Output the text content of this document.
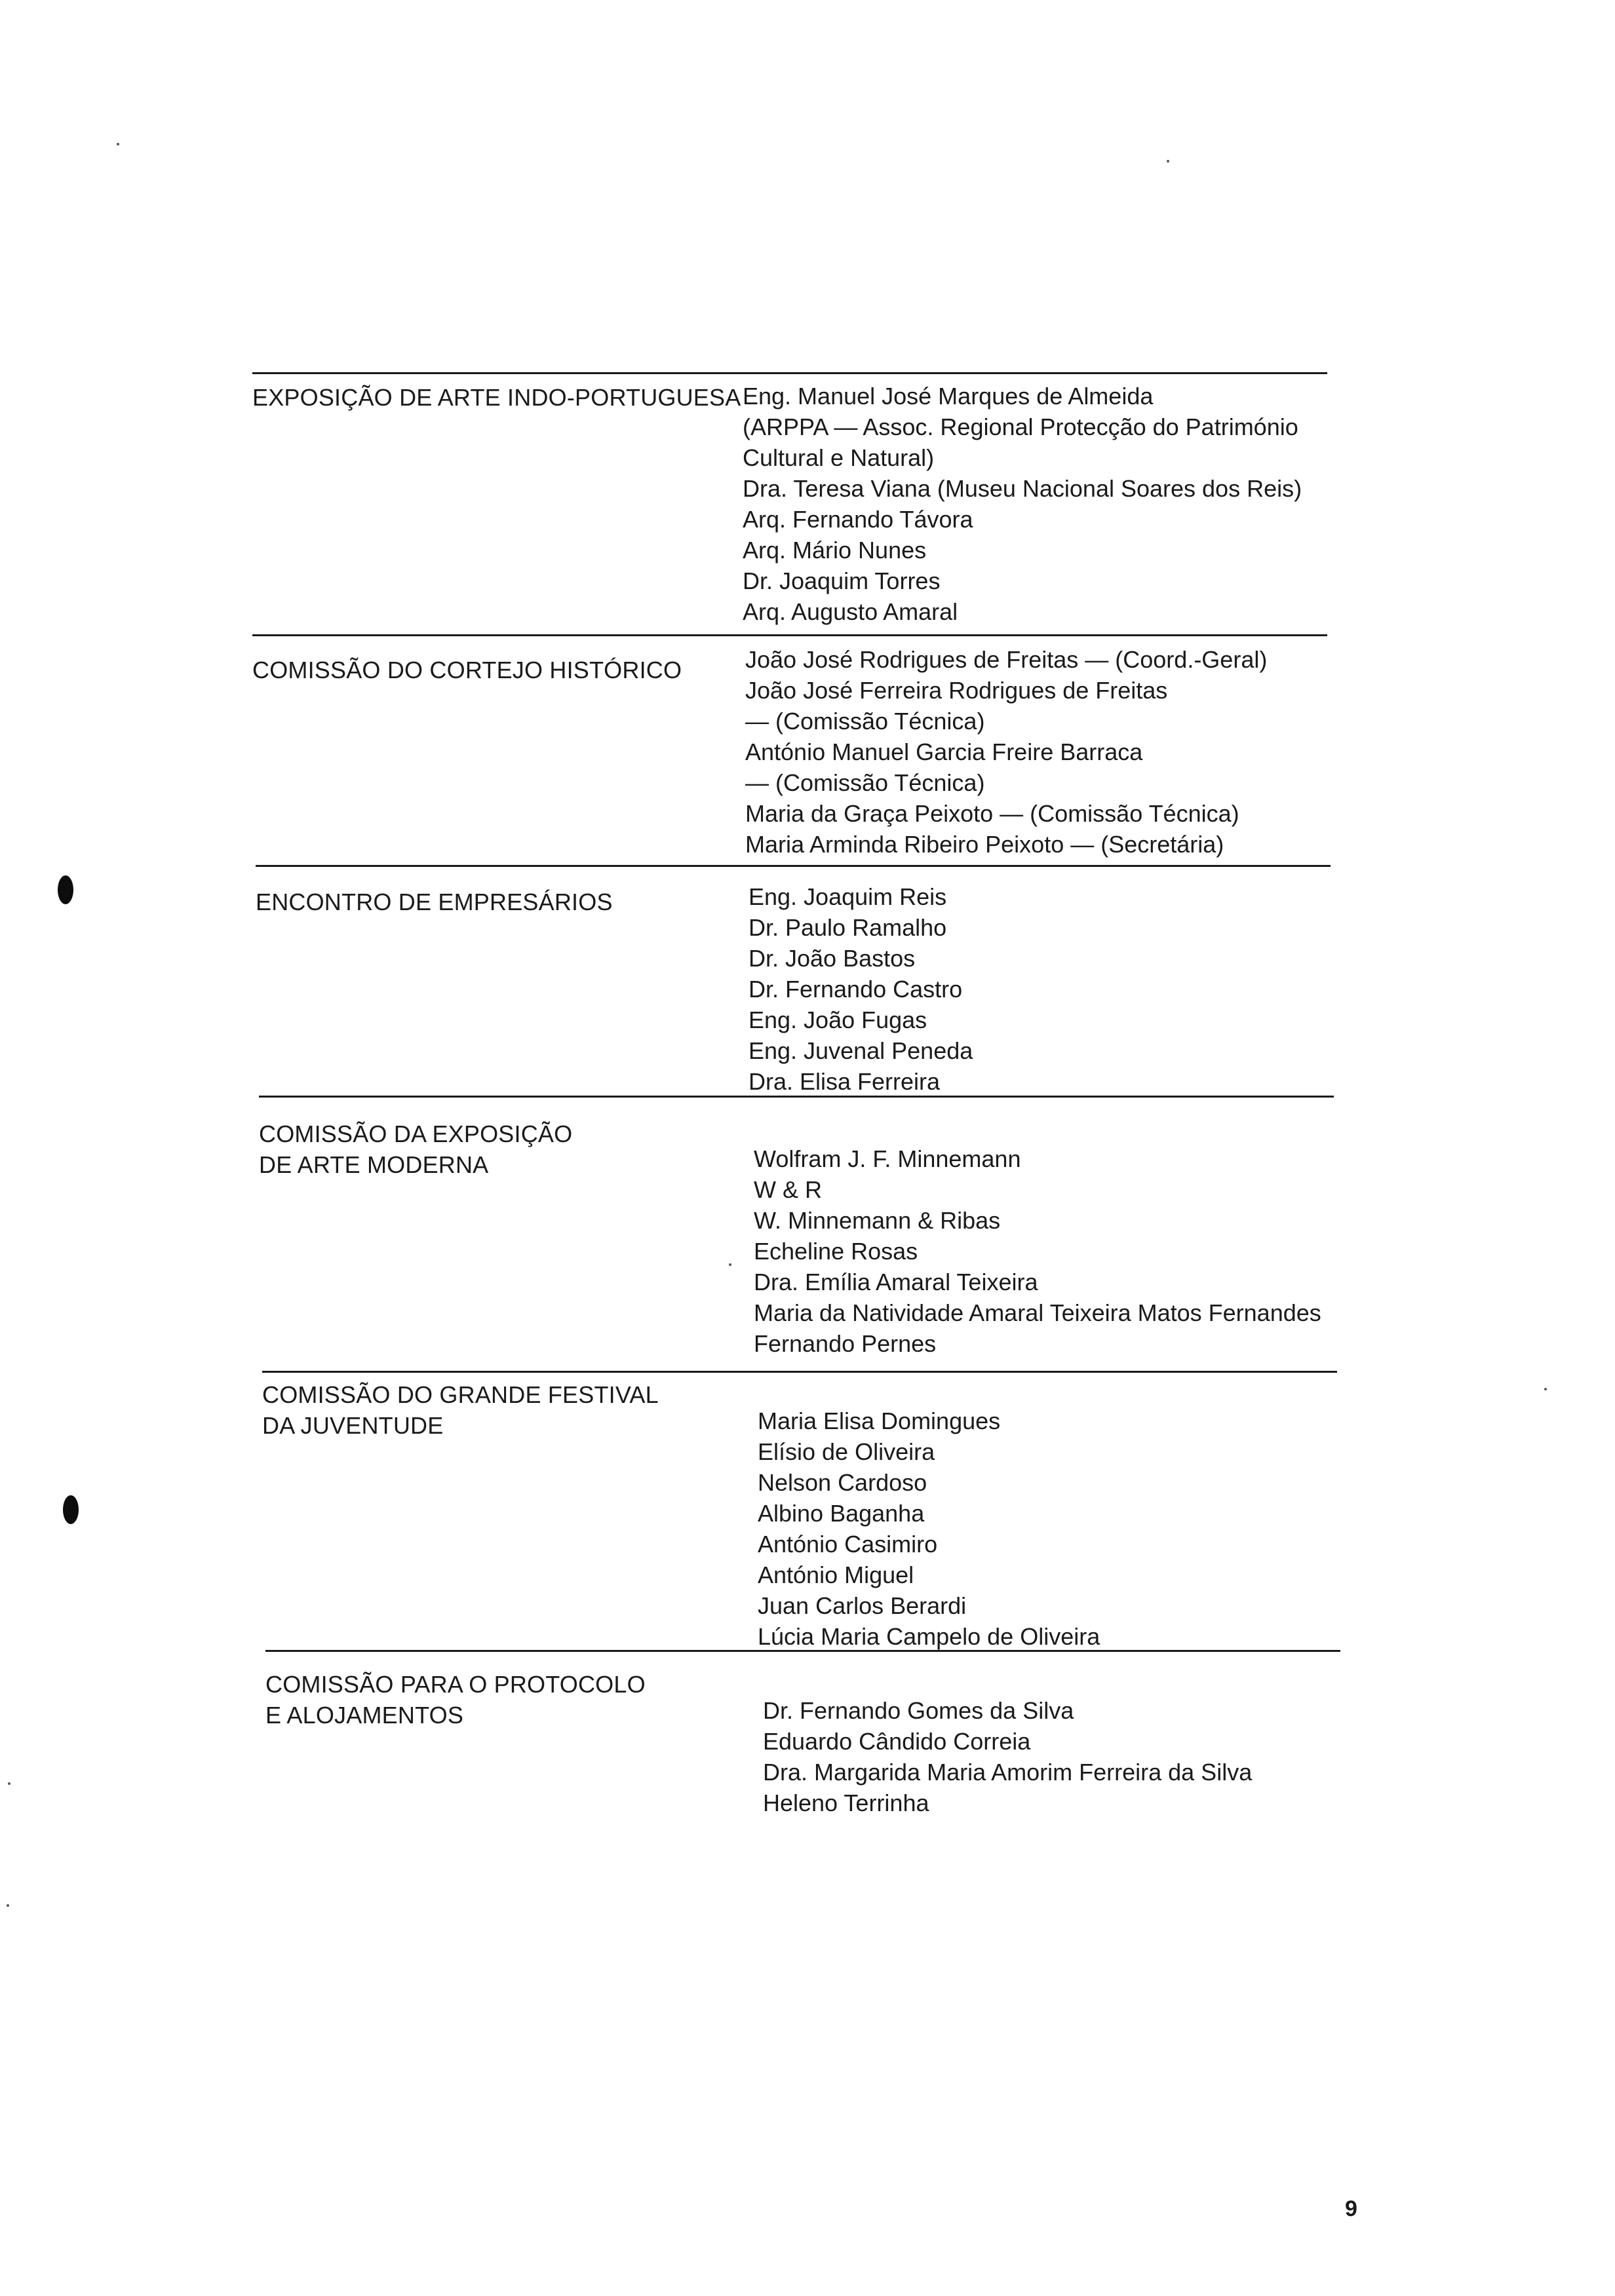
EXPOSIÇÃO DE ARTE INDO-PORTUGUESA Eng. Manuel José Marques de Almeida
(ARPPA — Assoc. Regional Protecção do Património
Cultural e Natural)
Dra. Teresa Viana (Museu Nacional Soares dos Reis)
Arq. Fernando Távora
Arq. Mário Nunes
Dr. Joaquim Torres
Arq. Augusto Amaral
COMISSÃO DO CORTEJO HISTÓRICO	João José Rodrigues de Freitas — (Coord.-Geral)
João José Ferreira Rodrigues de Freitas
— (Comissão Técnica)
António Manuel Garcia Freire Barraca
— (Comissão Técnica)
Maria da Graça Peixoto — (Comissão Técnica)
Maria Arminda Ribeiro Peixoto — (Secretária)
ENCONTRO DE EMPRESÁRIOS	Eng. Joaquim Reis
Dr. Paulo Ramalho
Dr. João Bastos
Dr. Fernando Castro
Eng. João Fugas
Eng. Juvenal Peneda
Dra. Elisa Ferreira
COMISSÃO DA EXPOSIÇÃO
DE ARTE MODERNA	Wolfram J. F. Minnemann
W & R
W. Minnemann & Ribas
Echeline Rosas
Dra. Emília Amaral Teixeira
Maria da Natividade Amaral Teixeira Matos Fernandes
Fernando Pernes
COMISSÃO DO GRANDE FESTIVAL
DA JUVENTUDE	Maria Elisa Domingues
Elísio de Oliveira
Nelson Cardoso
Albino Baganha
António Casimiro
António Miguel
Juan Carlos Berardi
Lúcia Maria Campelo de Oliveira
COMISSÃO PARA O PROTOCOLO
E ALOJAMENTOS	Dr. Fernando Gomes da Silva
Eduardo Cândido Correia
Dra. Margarida Maria Amorim Ferreira da Silva
Heleno Terrinha
9
